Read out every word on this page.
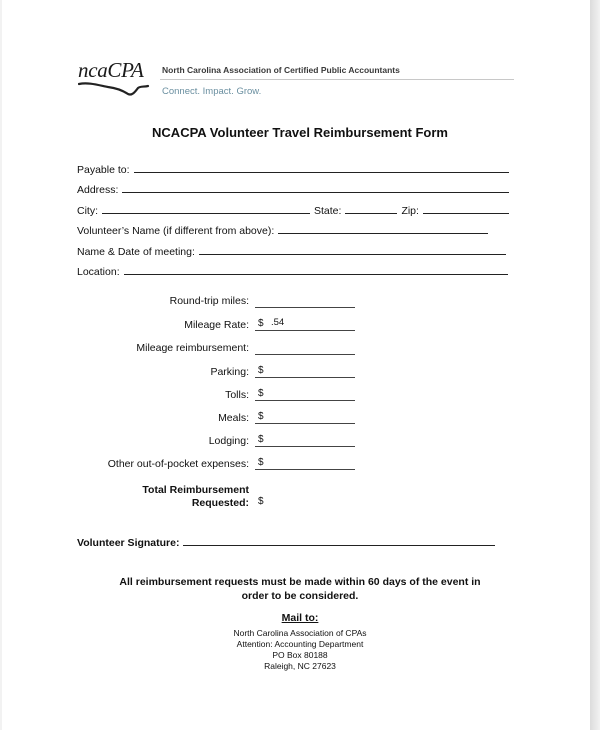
ncaCPA North Carolina Association of Certified Public Accountants
Connect. Impact. Grow.
NCACPA Volunteer Travel Reimbursement Form
Payable to:
Address:
City:	State:	Zip:
Volunteer’s Name (if different from above):
Name & Date of meeting:
Location:
Round-trip miles:
Mileage Rate: $ .54
Mileage reimbursement:
Parking: $
Tolls: $
Meals: $
Lodging: $
Other out-of-pocket expenses: $
Total Reimbursement
Requested: $
Volunteer Signature:
All reimbursement requests must be made within 60 days of the event in
order to be considered.
Mail to:
North Carolina Association of CPAs
Attention: Accounting Department
PO Box 80188
Raleigh, NC 27623
